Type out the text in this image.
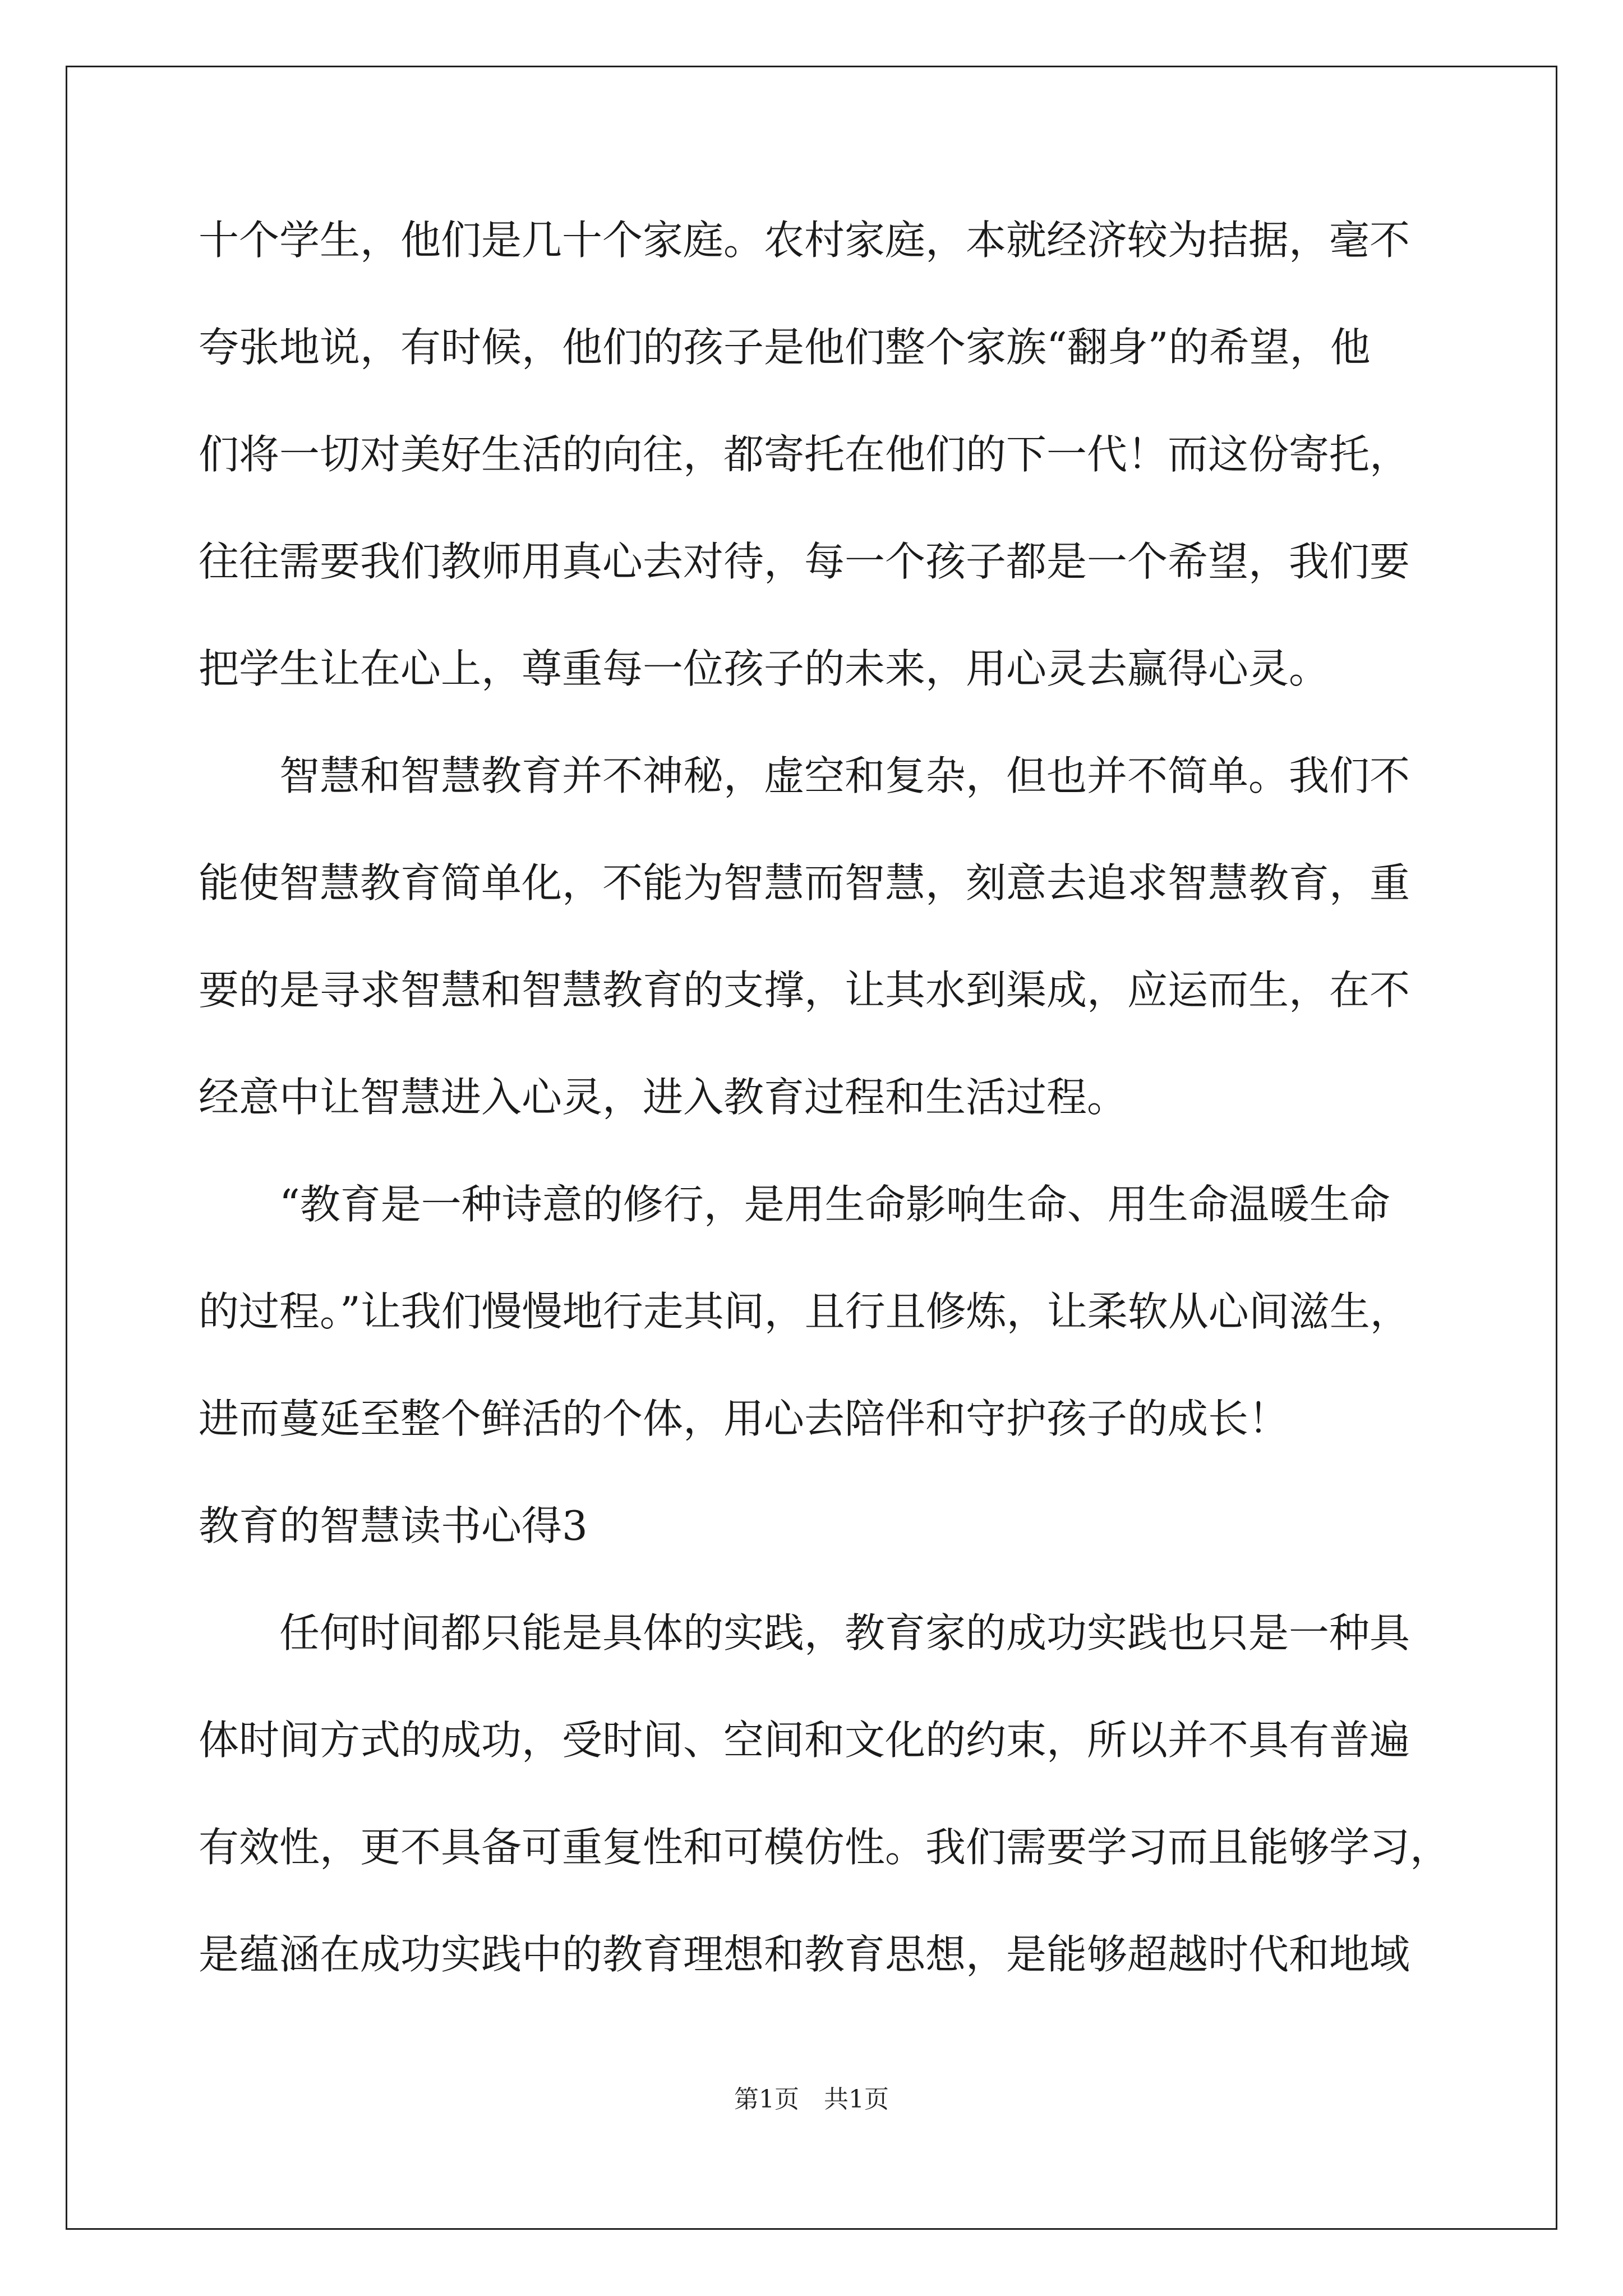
十个学生，他们是几十个家庭。农村家庭，本就经济较为拮据，毫不
夸张地说，有时候，他们的孩子是他们整个家族“翻身”的希望，他
们将一切对美好生活的向往，都寄托在他们的下一代！而这份寄托，
往往需要我们教师用真心去对待，每一个孩子都是一个希望，我们要
把学生让在心上，尊重每一位孩子的未来，用心灵去赢得心灵。
　　智慧和智慧教育并不神秘，虚空和复杂，但也并不简单。我们不
能使智慧教育简单化，不能为智慧而智慧，刻意去追求智慧教育，重
要的是寻求智慧和智慧教育的支撑，让其水到渠成，应运而生，在不
经意中让智慧进入心灵，进入教育过程和生活过程。
　　“教育是一种诗意的修行，是用生命影响生命、用生命温暖生命
的过程。”让我们慢慢地行走其间，且行且修炼，让柔软从心间滋生，
进而蔓延至整个鲜活的个体，用心去陪伴和守护孩子的成长！
教育的智慧读书心得3
　　任何时间都只能是具体的实践，教育家的成功实践也只是一种具
体时间方式的成功，受时间、空间和文化的约束，所以并不具有普遍
有效性，更不具备可重复性和可模仿性。我们需要学习而且能够学习，
是蕴涵在成功实践中的教育理想和教育思想，是能够超越时代和地域
第1页　共1页
